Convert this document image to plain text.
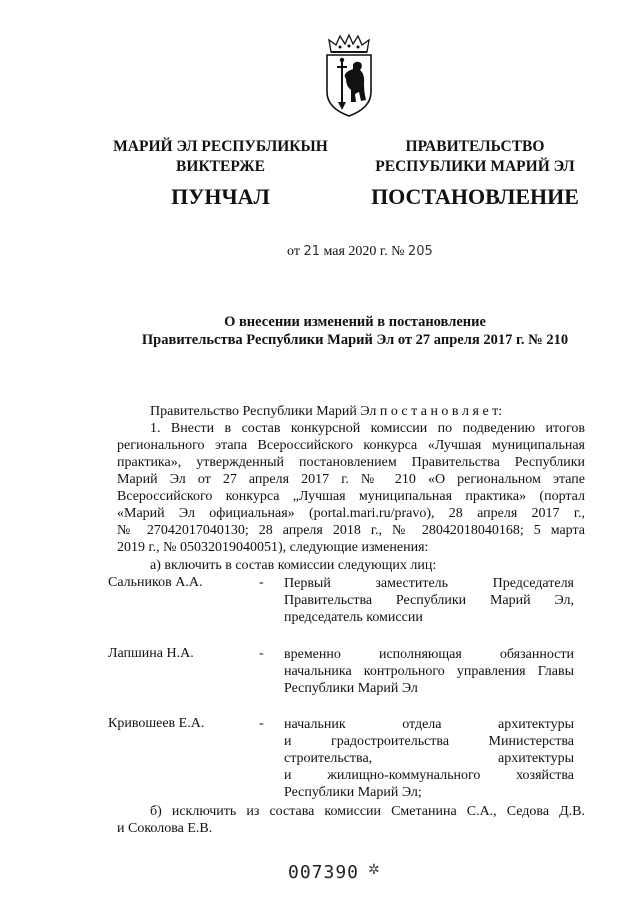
МАРИЙ ЭЛ РЕСПУБЛИКЫН
ВИКТЕРЖЕ
ПРАВИТЕЛЬСТВО
РЕСПУБЛИКИ МАРИЙ ЭЛ
ПУНЧАЛ	ПОСТАНОВЛЕНИЕ
от 21 мая 2020 г. № 205
О внесении изменений в постановление
Правительства Республики Марий Эл от 27 апреля 2017 г. № 210
Правительство Республики Марий Эл п о с т а н о в л я е т:
1. Внести в состав конкурсной комиссии по подведению итогов
регионального этапа Всероссийского конкурса «Лучшая муниципальная
практика», утвержденный постановлением Правительства Республики
Марий Эл от 27 апреля 2017 г. № 210 «О региональном этапе
Всероссийского конкурса „Лучшая муниципальная практика» (портал
«Марий Эл официальная» (portal.mari.ru/pravo), 28 апреля 2017 г.,
№ 27042017040130; 28 апреля 2018 г., № 28042018040168; 5 марта
2019 г., № 05032019040051), следующие изменения:
а) включить в состав комиссии следующих лиц:
Сальников А.А.	- Первый заместитель Председателя
Правительства Республики Марий Эл,
председатель комиссии
Лапшина Н.А.	- временно исполняющая обязанности
начальника контрольного управления Главы
Республики Марий Эл
Кривошеев Е.А.	- начальник отдела архитектуры
и градостроительства Министерства
строительства, архитектуры
и жилищно-коммунального хозяйства
Республики Марий Эл;
б) исключить из состава комиссии Сметанина С.А., Седова Д.В.
и Соколова Е.В.
007390 ✲
